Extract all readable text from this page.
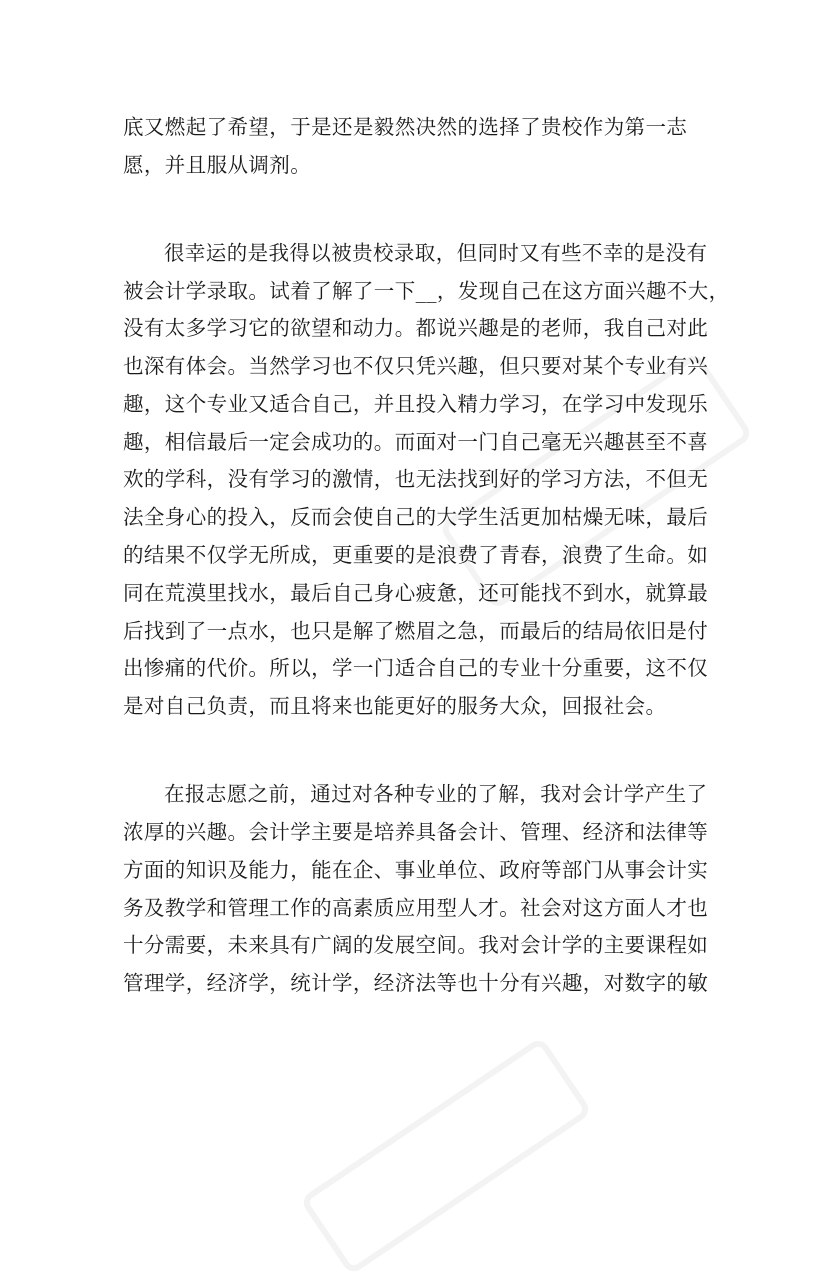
底又燃起了希望，于是还是毅然决然的选择了贵校作为第一志
愿，并且服从调剂。
很幸运的是我得以被贵校录取，但同时又有些不幸的是没有
被会计学录取。试着了解了一下__，发现自己在这方面兴趣不大，
没有太多学习它的欲望和动力。都说兴趣是的老师，我自己对此
也深有体会。当然学习也不仅只凭兴趣，但只要对某个专业有兴
趣，这个专业又适合自己，并且投入精力学习，在学习中发现乐
趣，相信最后一定会成功的。而面对一门自己毫无兴趣甚至不喜
欢的学科，没有学习的激情，也无法找到好的学习方法，不但无
法全身心的投入，反而会使自己的大学生活更加枯燥无味，最后
的结果不仅学无所成，更重要的是浪费了青春，浪费了生命。如
同在荒漠里找水，最后自己身心疲惫，还可能找不到水，就算最
后找到了一点水，也只是解了燃眉之急，而最后的结局依旧是付
出惨痛的代价。所以，学一门适合自己的专业十分重要，这不仅
是对自己负责，而且将来也能更好的服务大众，回报社会。
在报志愿之前，通过对各种专业的了解，我对会计学产生了
浓厚的兴趣。会计学主要是培养具备会计、管理、经济和法律等
方面的知识及能力，能在企、事业单位、政府等部门从事会计实
务及教学和管理工作的高素质应用型人才。社会对这方面人才也
十分需要，未来具有广阔的发展空间。我对会计学的主要课程如
管理学，经济学，统计学，经济法等也十分有兴趣，对数字的敏
